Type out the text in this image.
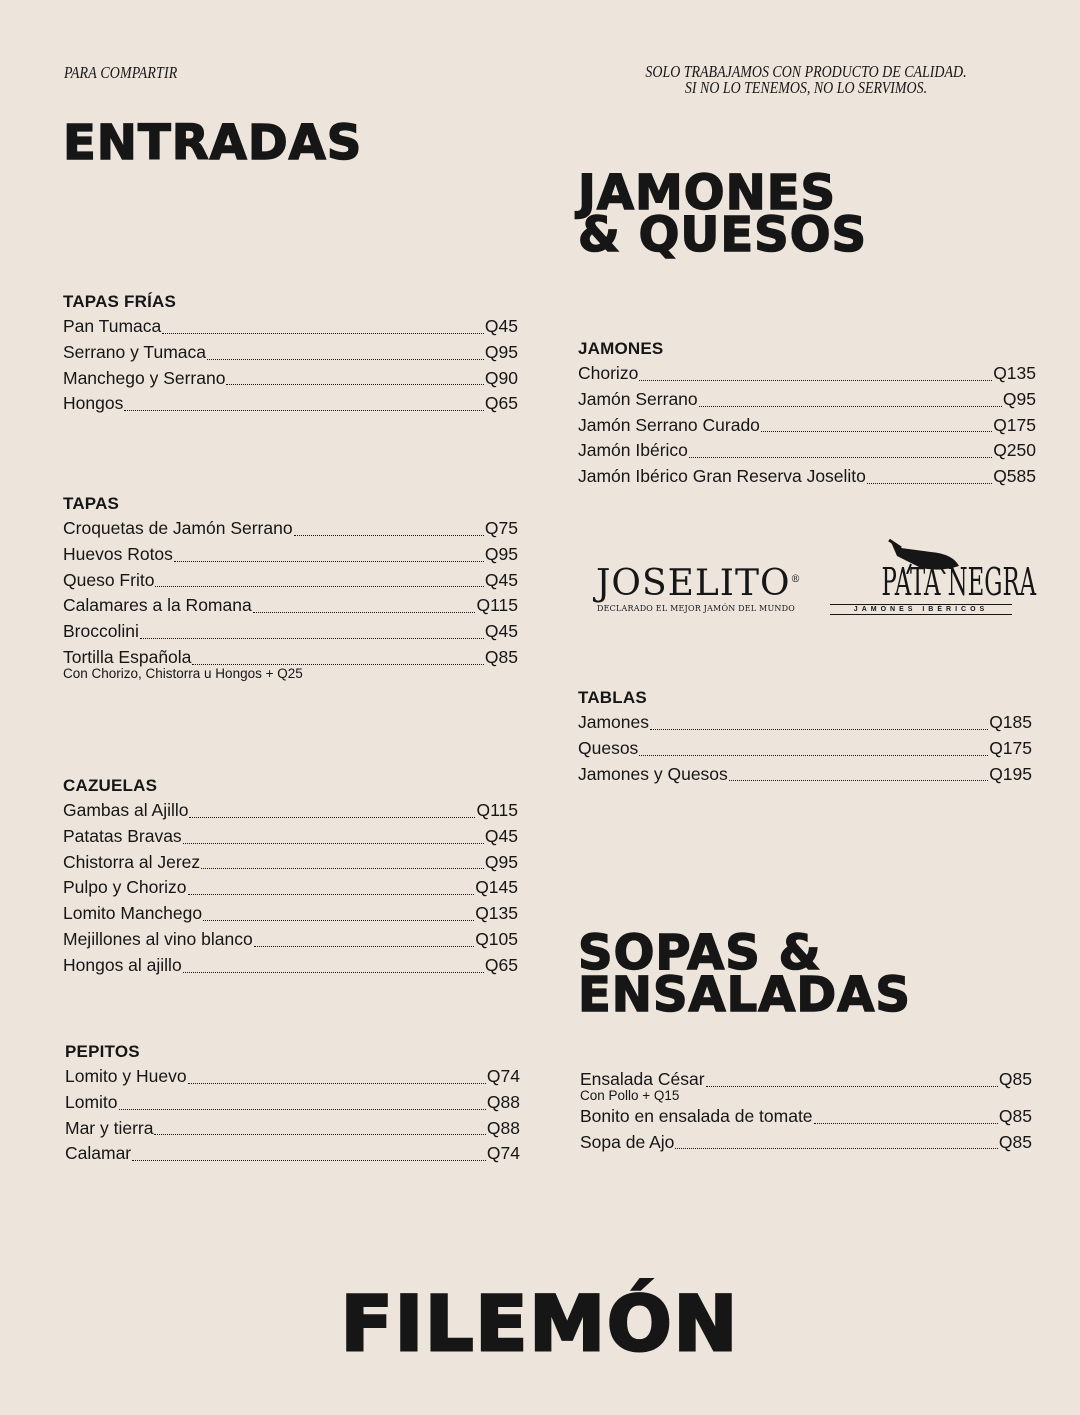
PARA COMPARTIR	SOLO TRABAJAMOS CON PRODUCTO DE CALIDAD.
SI NO LO TENEMOS, NO LO SERVIMOS.
ENTRADAS
TAPAS FRÍAS
Pan Tumaca	Q45
Serrano y Tumaca	Q95
Manchego y Serrano	Q90
Hongos	Q65
TAPAS
Croquetas de Jamón Serrano	Q75
Huevos Rotos	Q95
Queso Frito	Q45
Calamares a la Romana	Q115
Broccolini	Q45
Tortilla Española	Q85
Con Chorizo, Chistorra u Hongos + Q25
CAZUELAS
Gambas al Ajillo	Q115
Patatas Bravas	Q45
Chistorra al Jerez	Q95
Pulpo y Chorizo	Q145
Lomito Manchego	Q135
Mejillones al vino blanco	Q105
Hongos al ajillo	Q65
PEPITOS
Lomito y Huevo	Q74
Lomito	Q88
Mar y tierra	Q88
Calamar	Q74
JAMONES
& QUESOS
JAMONES
Chorizo	Q135
Jamón Serrano	Q95
Jamón Serrano Curado	Q175
Jamón Ibérico	Q250
Jamón Ibérico Gran Reserva Joselito	Q585
JOSELITO®
DECLARADO EL MEJOR JAMÓN DEL MUNDO
PATA NEGRA
JAMONES IBÉRICOS
TABLAS
Jamones	Q185
Quesos	Q175
Jamones y Quesos	Q195
SOPAS &
ENSALADAS
Ensalada César	Q85
Con Pollo + Q15
Bonito en ensalada de tomate	Q85
Sopa de Ajo	Q85
FILEMÓN
